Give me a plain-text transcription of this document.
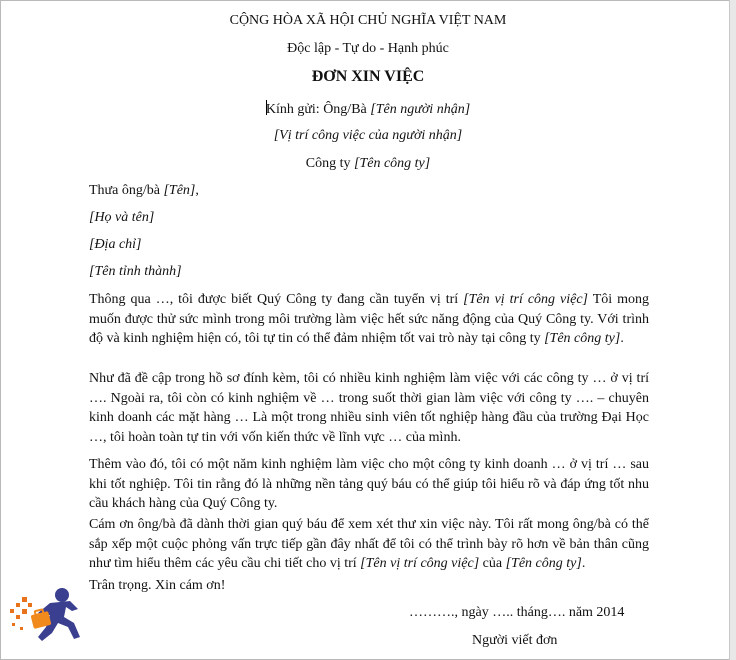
CỘNG HÒA XÃ HỘI CHỦ NGHĨA VIỆT NAM
Độc lập - Tự do - Hạnh phúc
ĐƠN XIN VIỆC
Kính gửi: Ông/Bà [Tên người nhận]
[Vị trí công việc của người nhận]
Công ty [Tên công ty]
Thưa ông/bà [Tên],
[Họ và tên]
[Địa chỉ]
[Tên tỉnh thành]
Thông qua …, tôi được biết Quý Công ty đang cần tuyển vị trí [Tên vị trí công việc] Tôi mong muốn được thử sức mình trong môi trường làm việc hết sức năng động của Quý Công ty. Với trình độ và kinh nghiệm hiện có, tôi tự tin có thể đảm nhiệm tốt vai trò này tại công ty [Tên công ty].
Như đã đề cập trong hồ sơ đính kèm, tôi có nhiều kinh nghiệm làm việc với các công ty … ở vị trí …. Ngoài ra, tôi còn có kinh nghiệm về … trong suốt thời gian làm việc với công ty …. – chuyên kinh doanh các mặt hàng … Là một trong nhiều sinh viên tốt nghiệp hàng đầu của trường Đại Học …, tôi hoàn toàn tự tin với vốn kiến thức về lĩnh vực … của mình.
Thêm vào đó, tôi có một năm kinh nghiệm làm việc cho một công ty kinh doanh … ở vị trí … sau khi tốt nghiệp. Tôi tin rằng đó là những nền tảng quý báu có thể giúp tôi hiểu rõ và đáp ứng tốt nhu cầu khách hàng của Quý Công ty.
Cám ơn ông/bà đã dành thời gian quý báu để xem xét thư xin việc này. Tôi rất mong ông/bà có thể sắp xếp một cuộc phỏng vấn trực tiếp gần đây nhất để tôi có thể trình bày rõ hơn về bản thân cũng như tìm hiểu thêm các yêu cầu chi tiết cho vị trí [Tên vị trí công việc] của [Tên công ty].
Trân trọng. Xin cám ơn!
………., ngày ….. tháng…. năm 2014
Người viết đơn
